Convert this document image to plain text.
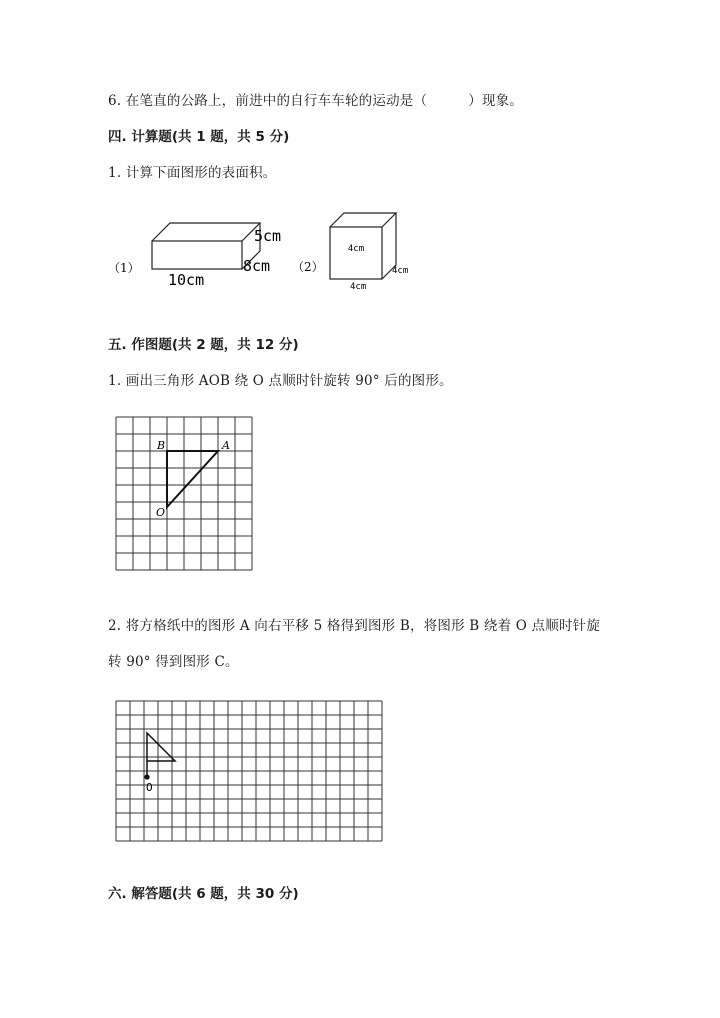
6. 在笔直的公路上，前进中的自行车车轮的运动是（　　　）现象。
四. 计算题(共 1 题，共 5 分)
1. 计算下面图形的表面积。
（1）
5cm
8cm
10cm
（2）
4cm
4cm
4cm
五. 作图题(共 2 题，共 12 分)
1. 画出三角形 AOB 绕 O 点顺时针旋转 90° 后的图形。
B	A
O
2. 将方格纸中的图形 A 向右平移 5 格得到图形 B，将图形 B 绕着 O 点顺时针旋
转 90° 得到图形 C。
O
六. 解答题(共 6 题，共 30 分)
